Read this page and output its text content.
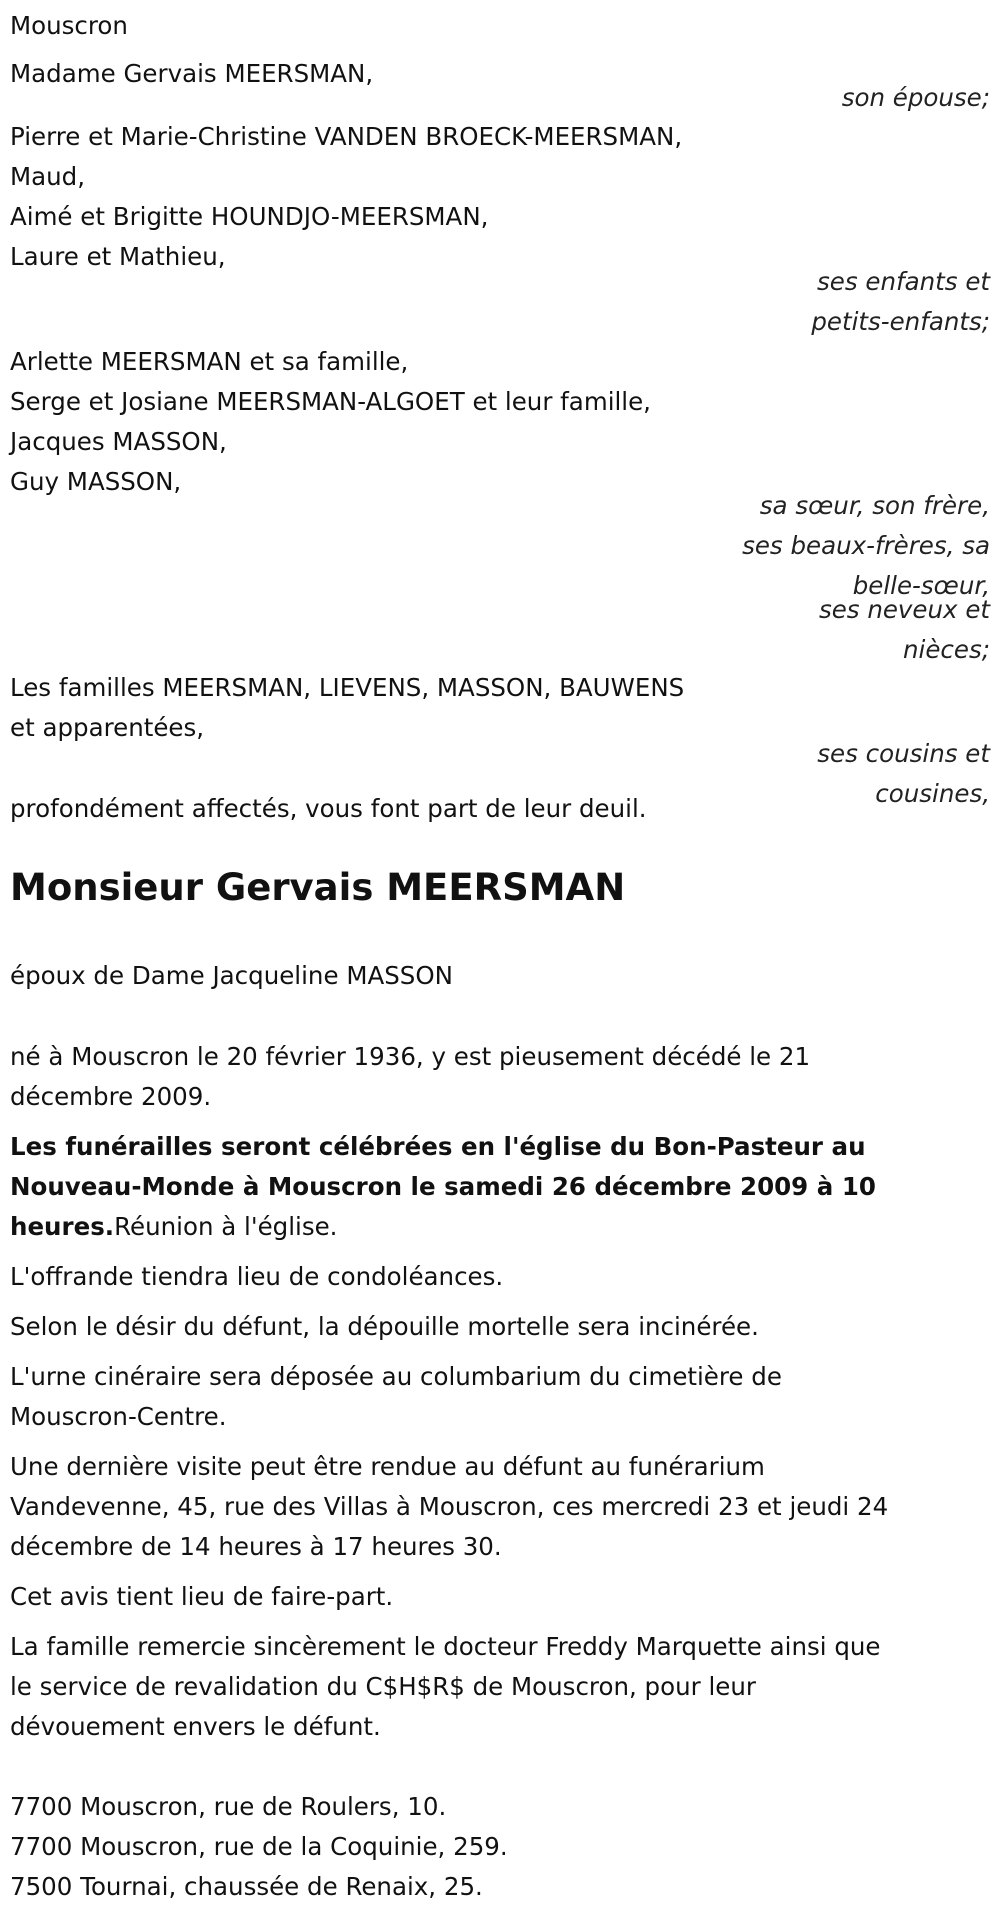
Mouscron
Madame Gervais MEERSMAN,
son épouse;
Pierre et Marie-Christine VANDEN BROECK-MEERSMAN,
Maud,
Aimé et Brigitte HOUNDJO-MEERSMAN,
Laure et Mathieu,
ses enfants et
petits-enfants;
Arlette MEERSMAN et sa famille,
Serge et Josiane MEERSMAN-ALGOET et leur famille,
Jacques MASSON,
Guy MASSON,
sa sœur, son frère,
ses beaux-frères, sa
belle-sœur,
ses neveux et
nièces;
Les familles MEERSMAN, LIEVENS, MASSON, BAUWENS
et apparentées,
ses cousins et
cousines,
profondément affectés, vous font part de leur deuil.
Monsieur Gervais MEERSMAN
époux de Dame Jacqueline MASSON
né à Mouscron le 20 février 1936, y est pieusement décédé le 21
décembre 2009.
Les funérailles seront célébrées en l'église du Bon-Pasteur au
Nouveau-Monde à Mouscron le samedi 26 décembre 2009 à 10
heures.Réunion à l'église.
L'offrande tiendra lieu de condoléances.
Selon le désir du défunt, la dépouille mortelle sera incinérée.
L'urne cinéraire sera déposée au columbarium du cimetière de
Mouscron-Centre.
Une dernière visite peut être rendue au défunt au funérarium
Vandevenne, 45, rue des Villas à Mouscron, ces mercredi 23 et jeudi 24
décembre de 14 heures à 17 heures 30.
Cet avis tient lieu de faire-part.
La famille remercie sincèrement le docteur Freddy Marquette ainsi que
le service de revalidation du C$H$R$ de Mouscron, pour leur
dévouement envers le défunt.
7700 Mouscron, rue de Roulers, 10.
7700 Mouscron, rue de la Coquinie, 259.
7500 Tournai, chaussée de Renaix, 25.
